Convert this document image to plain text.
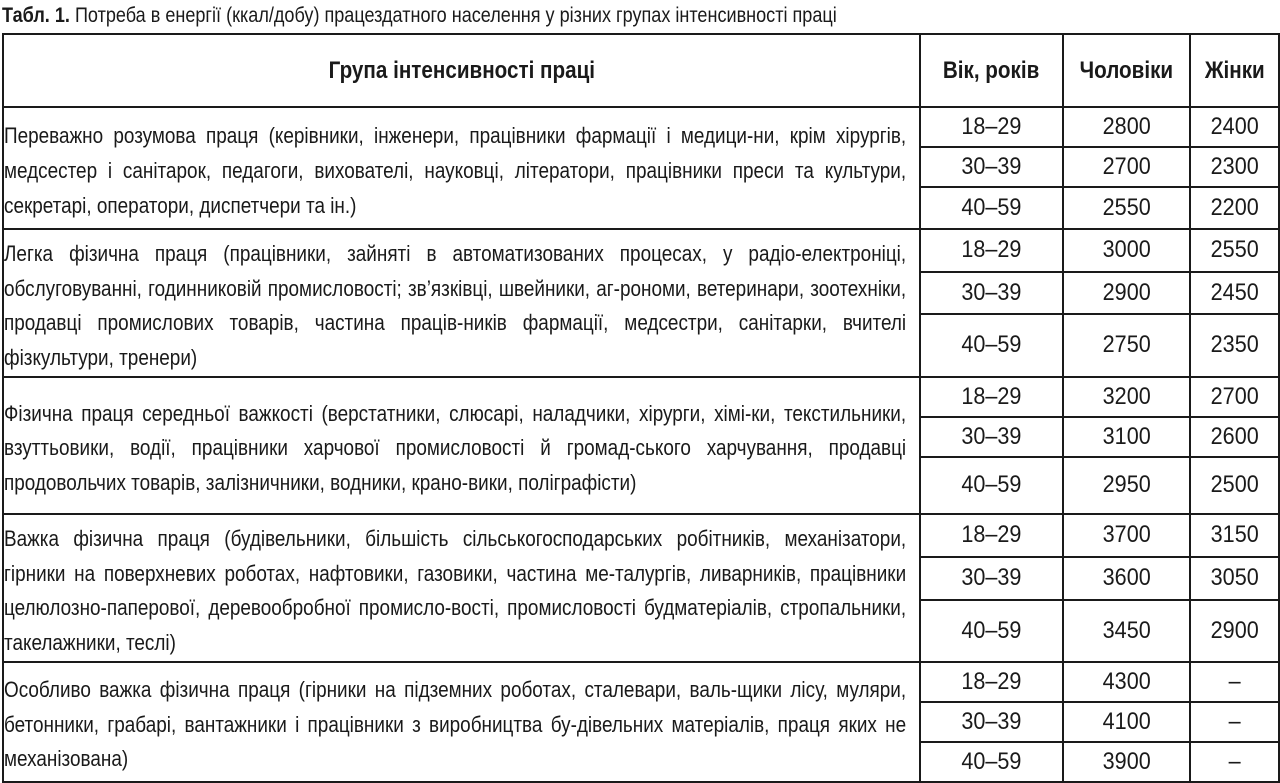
Табл. 1. Потреба в енергії (ккал/добу) працездатного населення у різних групах інтенсивності праці
Група інтенсивності праці	Вік, років	Чоловіки	Жінки

Переважно розумова праця (керівники, інженери, працівники фармації і медици-ни, крім хірургів, медсестер і санітарок, педагоги, вихователі, науковці, літератори, працівники преси та культури, секретарі, оператори, диспетчери та ін.)	18–29	2800	2400
	30–39	2700	2300
	40–59	2550	2200

Легка фізична праця (працівники, зайняті в автоматизованих процесах, у радіо-електроніці, обслуговуванні, годинниковій промисловості; зв’язківці, швейники, аг-рономи, ветеринари, зоотехніки, продавці промислових товарів, частина праців-ників фармації, медсестри, санітарки, вчителі фізкультури, тренери)	18–29	3000	2550
	30–39	2900	2450
	40–59	2750	2350

Фізична праця середньої важкості (верстатники, слюсарі, наладчики, хірурги, хімі-ки, текстильники, взуттьовики, водії, працівники харчової промисловості й громад-ського харчування, продавці продовольчих товарів, залізничники, водники, крано-вики, поліграфісти)	18–29	3200	2700
	30–39	3100	2600
	40–59	2950	2500

Важка фізична праця (будівельники, більшість сільськогосподарських робітників, механізатори, гірники на поверхневих роботах, нафтовики, газовики, частина ме-талургів, ливарників, працівники целюлозно-паперової, деревообробної промисло-вості, промисловості будматеріалів, стропальники, такелажники, теслі)	18–29	3700	3150
	30–39	3600	3050
	40–59	3450	2900

Особливо важка фізична праця (гірники на підземних роботах, сталевари, валь-щики лісу, муляри, бетонники, грабарі, вантажники і працівники з виробництва бу-дівельних матеріалів, праця яких не механізована)	18–29	4300	–
	30–39	4100	–
	40–59	3900	–
